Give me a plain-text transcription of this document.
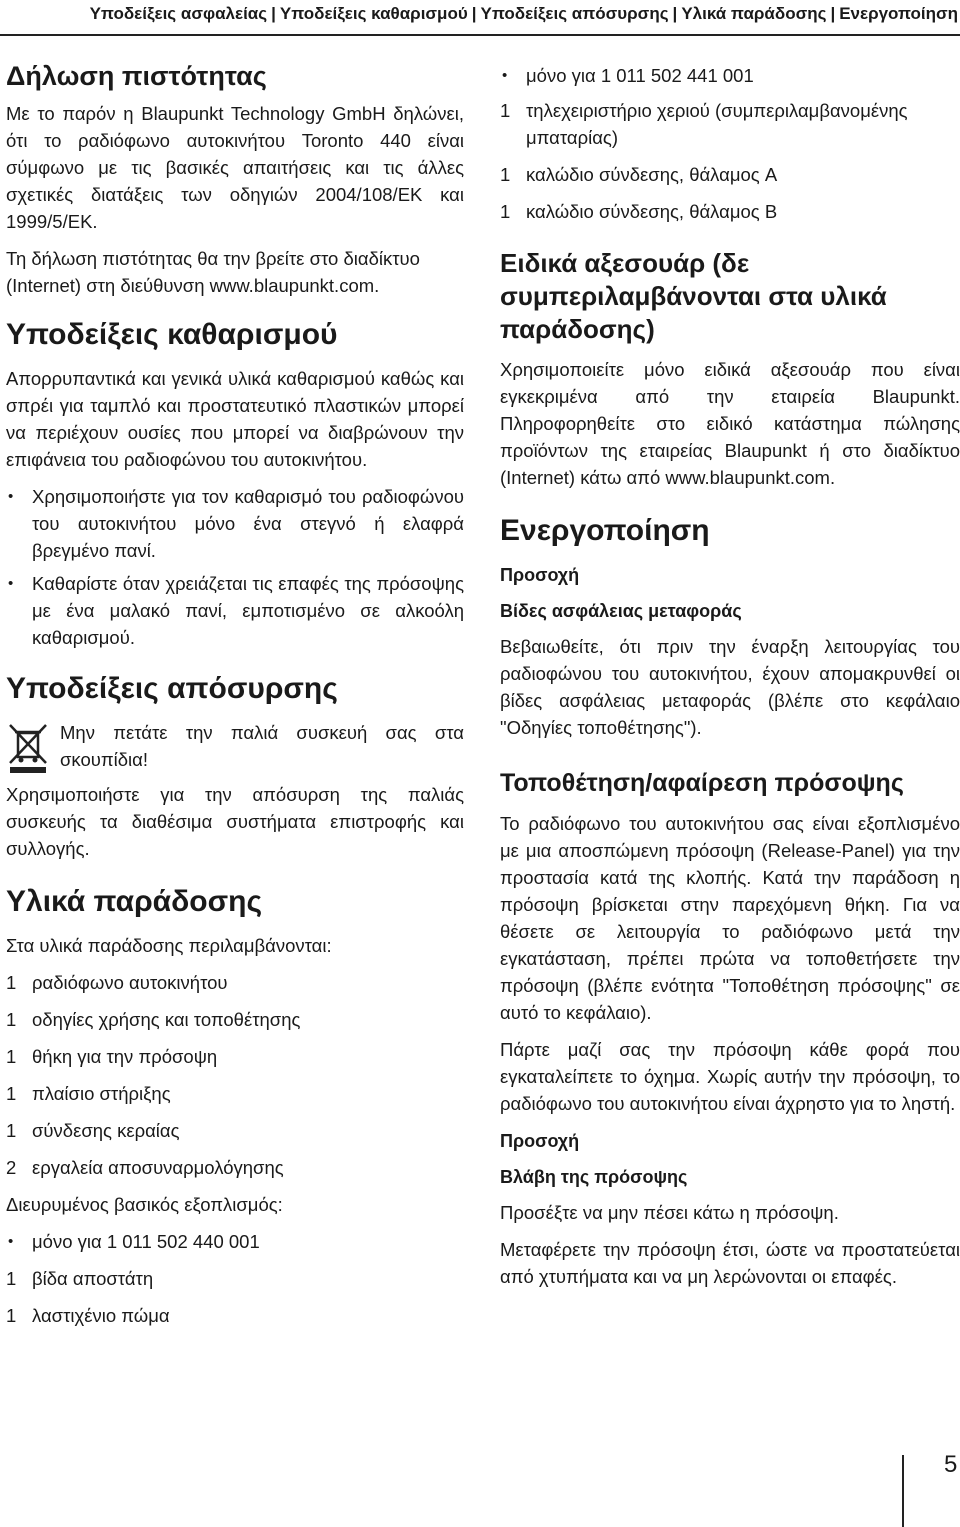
Υποδείξεις ασφαλείας | Υποδείξεις καθαρισμού | Υποδείξεις απόσυρσης | Υλικά παράδοσης | Ενεργοποίηση
Δήλωση πιστότητας

Με το παρόν η Blaupunkt Technology GmbH δηλώνει, ότι το ραδιόφωνο αυτοκινήτου Toronto 440 είναι σύμφωνο με τις βασικές απαιτήσεις και τις άλλες σχετικές διατάξεις των οδηγιών 2004/108/ΕΚ και 1999/5/ΕΚ.

Τη δήλωση πιστότητας θα την βρείτε στο διαδίκτυο (Internet) στη διεύθυνση www.blaupunkt.com.

Υποδείξεις καθαρισμού

Απορρυπαντικά και γενικά υλικά καθαρισμού καθώς και σπρέι για ταμπλό και προστατευτικό πλαστικών μπορεί να περιέχουν ουσίες που μπορεί να διαβρώνουν την επιφάνεια του ραδιοφώνου του αυτοκινήτου.

• Χρησιμοποιήστε για τον καθαρισμό του ραδιοφώνου του αυτοκινήτου μόνο ένα στεγνό ή ελαφρά βρεγμένο πανί.
• Καθαρίστε όταν χρειάζεται τις επαφές της πρόσοψης με ένα μαλακό πανί, εμποτισμένο σε αλκοόλη καθαρισμού.
Υποδείξεις απόσυρσης

Μην πετάτε την παλιά συσκευή σας στα σκουπίδια!

Χρησιμοποιήστε για την απόσυρση της παλιάς συσκευής τα διαθέσιμα συστήματα επιστροφής και συλλογής.

Υλικά παράδοσης

Στα υλικά παράδοσης περιλαμβάνονται:

1 ραδιόφωνο αυτοκινήτου
1 οδηγίες χρήσης και τοποθέτησης
1 θήκη για την πρόσοψη
1 πλαίσιο στήριξης
1 σύνδεσης κεραίας
2 εργαλεία αποσυναρμολόγησης

Διευρυμένος βασικός εξοπλισμός:

• μόνο για 1 011 502 440 001
1 βίδα αποστάτη
1 λαστιχένιο πώμα
• μόνο για 1 011 502 441 001
1 τηλεχειριστήριο χεριού (συμπεριλαμβανομένης μπαταρίας)
1 καλώδιο σύνδεσης, θάλαμος A
1 καλώδιο σύνδεσης, θάλαμος B
Ειδικά αξεσουάρ (δε συμπεριλαμβάνονται στα υλικά παράδοσης)

Χρησιμοποιείτε μόνο ειδικά αξεσουάρ που είναι εγκεκριμένα από την εταιρεία Blaupunkt. Πληροφορηθείτε στο ειδικό κατάστημα πώλησης προϊόντων της εταιρείας Blaupunkt ή στο διαδίκτυο (Internet) κάτω από www.blaupunkt.com.

Ενεργοποίηση
Προσοχή
Βίδες ασφάλειας μεταφοράς

Βεβαιωθείτε, ότι πριν την έναρξη λειτουργίας του ραδιοφώνου του αυτοκινήτου, έχουν απομακρυνθεί οι βίδες ασφάλειας μεταφοράς (βλέπε στο κεφάλαιο "Οδηγίες τοποθέτησης").

Τοποθέτηση/αφαίρεση πρόσοψης

Το ραδιόφωνο του αυτοκινήτου σας είναι εξοπλισμένο με μια αποσπώμενη πρόσοψη (Release-Panel) για την προστασία κατά της κλοπής. Κατά την παράδοση η πρόσοψη βρίσκεται στην παρεχόμενη θήκη. Για να θέσετε σε λειτουργία το ραδιόφωνο μετά την εγκατάσταση, πρέπει πρώτα να τοποθετήσετε την πρόσοψη (βλέπε ενότητα "Τοποθέτηση πρόσοψης" σε αυτό το κεφάλαιο).

Πάρτε μαζί σας την πρόσοψη κάθε φορά που εγκαταλείπετε το όχημα. Χωρίς αυτήν την πρόσοψη, το ραδιόφωνο του αυτοκινήτου είναι άχρηστο για το ληστή.

Προσοχή
Βλάβη της πρόσοψης

Προσέξτε να μην πέσει κάτω η πρόσοψη.

Μεταφέρετε την πρόσοψη έτσι, ώστε να προστατεύεται από χτυπήματα και να μη λερώνονται οι επαφές.

5
